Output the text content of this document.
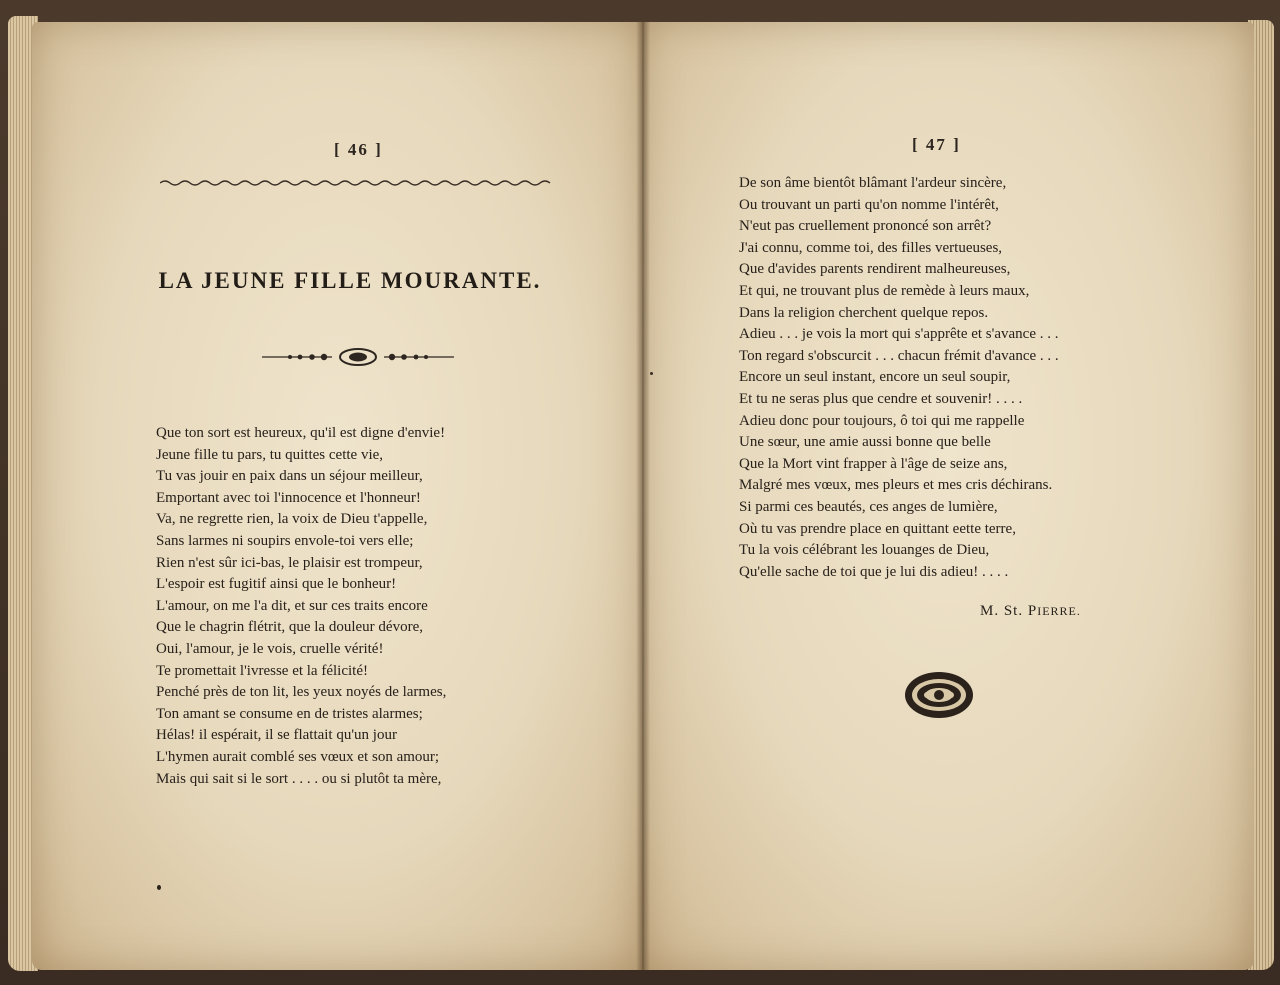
[ 46 ]
LA JEUNE FILLE MOURANTE.
Que ton sort est heureux, qu'il est digne d'envie!
Jeune fille tu pars, tu quittes cette vie,
Tu vas jouir en paix dans un séjour meilleur,
Emportant avec toi l'innocence et l'honneur!
Va, ne regrette rien, la voix de Dieu t'appelle,
Sans larmes ni soupirs envole-toi vers elle;
Rien n'est sûr ici-bas, le plaisir est trompeur,
L'espoir est fugitif ainsi que le bonheur!
L'amour, on me l'a dit, et sur ces traits encore
Que le chagrin flétrit, que la douleur dévore,
Oui, l'amour, je le vois, cruelle vérité!
Te promettait l'ivresse et la félicité!
Penché près de ton lit, les yeux noyés de larmes,
Ton amant se consume en de tristes alarmes;
Hélas! il espérait, il se flattait qu'un jour
L'hymen aurait comblé ses vœux et son amour;
Mais qui sait si le sort . . . . ou si plutôt ta mère,
[ 47 ]
De son âme bientôt blâmant l'ardeur sincère,
Ou trouvant un parti qu'on nomme l'intérêt,
N'eut pas cruellement prononcé son arrêt?
J'ai connu, comme toi, des filles vertueuses,
Que d'avides parents rendirent malheureuses,
Et qui, ne trouvant plus de remède à leurs maux,
Dans la religion cherchent quelque repos.
Adieu . . . je vois la mort qui s'apprête et s'avance . . .
Ton regard s'obscurcit . . . chacun frémit d'avance . . .
Encore un seul instant, encore un seul soupir,
Et tu ne seras plus que cendre et souvenir! . . . .
Adieu donc pour toujours, ô toi qui me rappelle
Une sœur, une amie aussi bonne que belle
Que la Mort vint frapper à l'âge de seize ans,
Malgré mes vœux, mes pleurs et mes cris déchirans.
Si parmi ces beautés, ces anges de lumière,
Où tu vas prendre place en quittant eette terre,
Tu la vois célébrant les louanges de Dieu,
Qu'elle sache de toi que je lui dis adieu! . . . .
M. St. PIERRE.
